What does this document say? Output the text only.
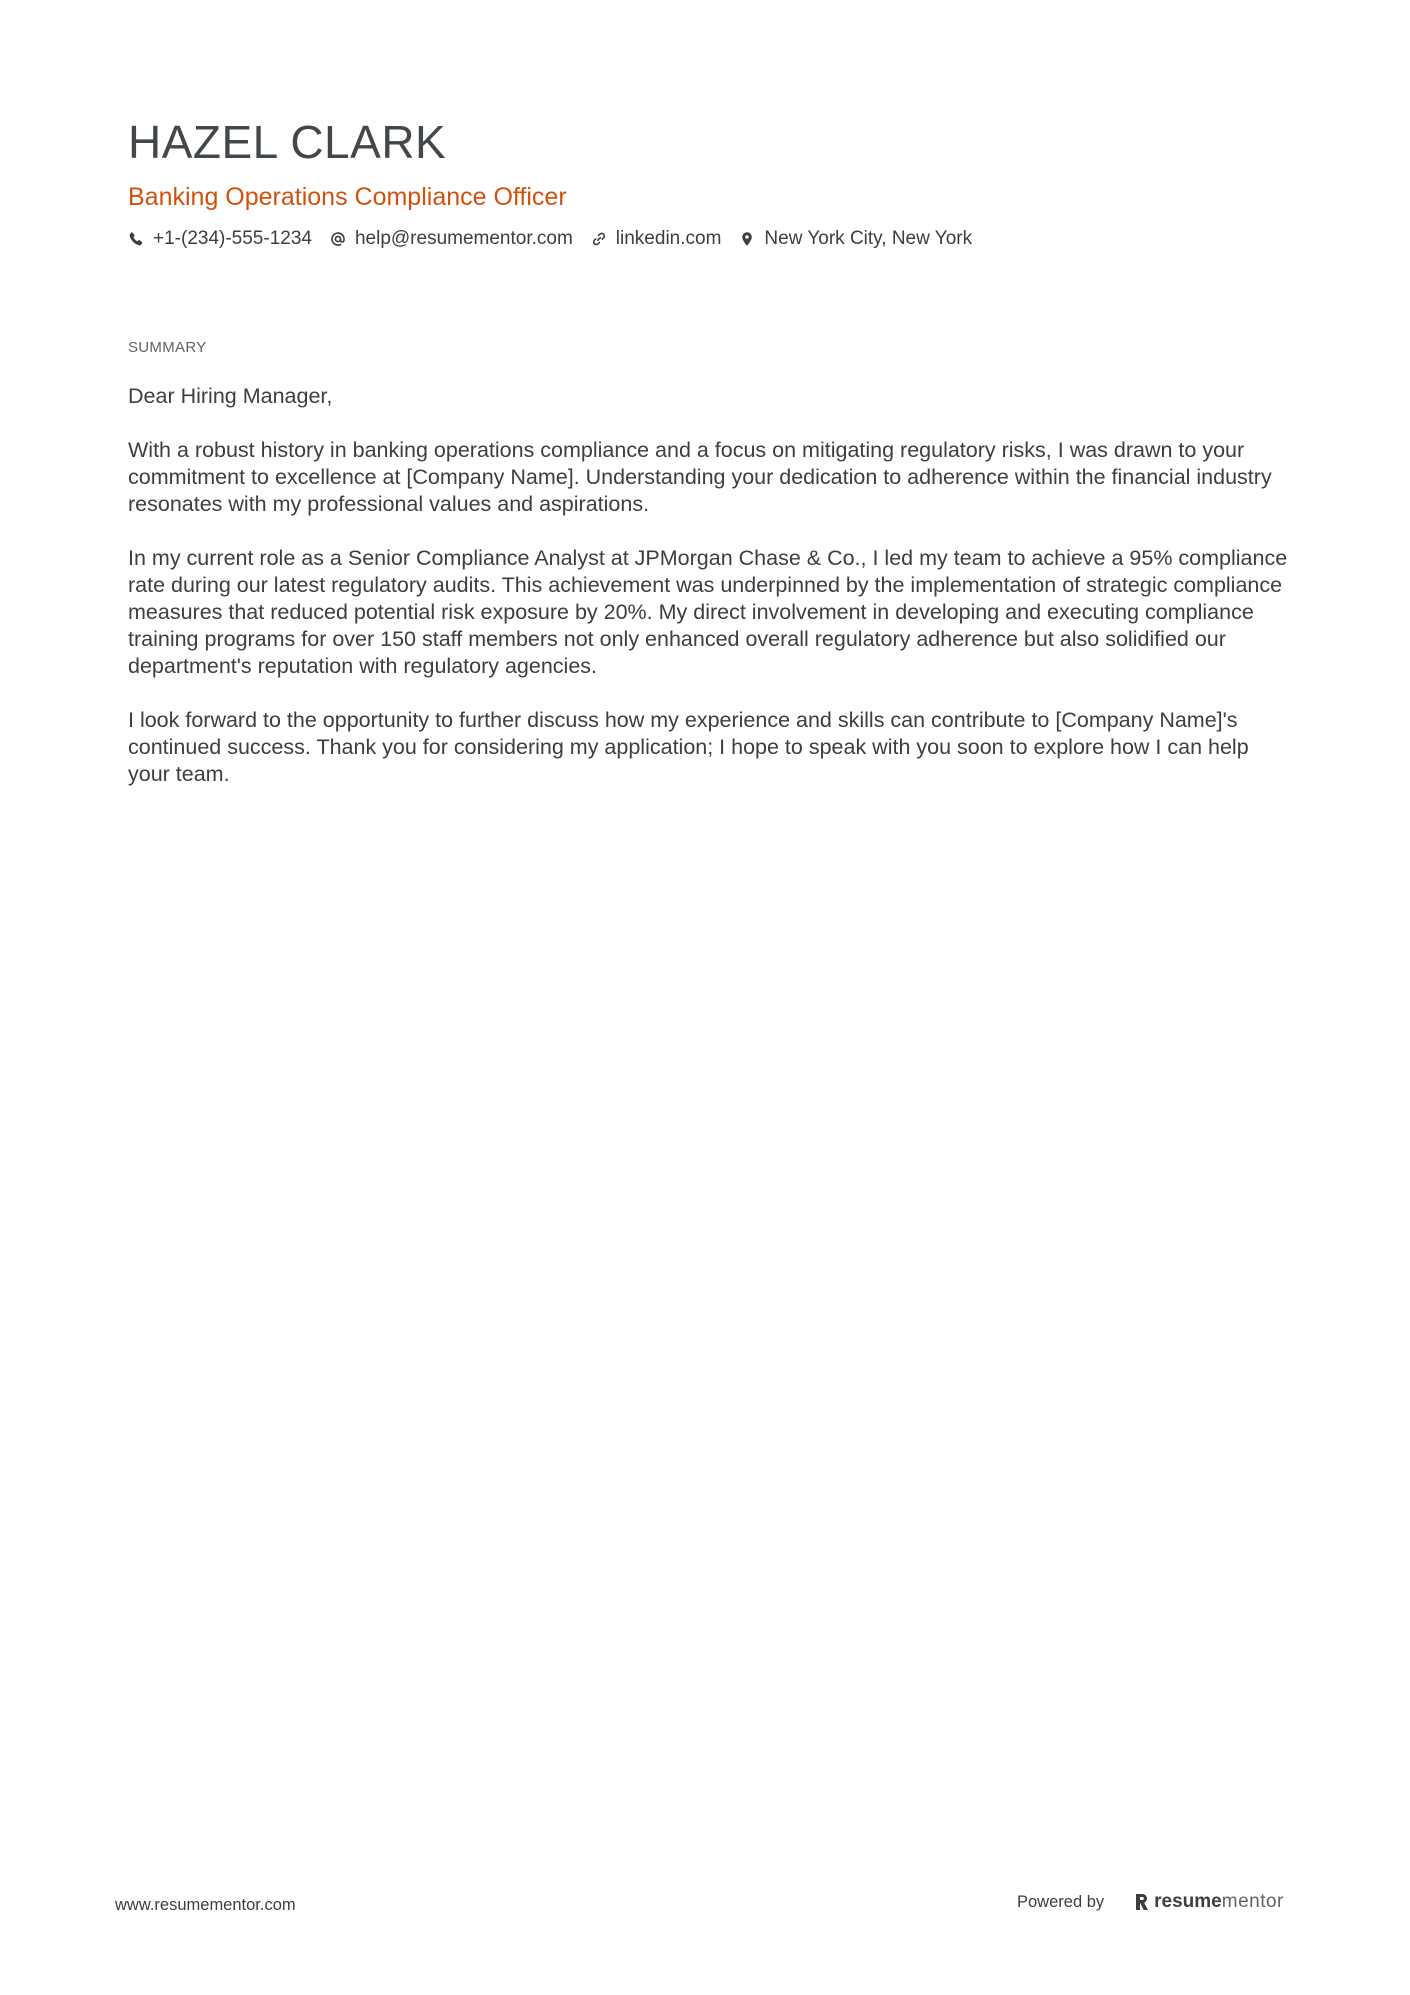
HAZEL CLARK
Banking Operations Compliance Officer
+1-(234)-555-1234 help@resumementor.com linkedin.com New York City, New York
SUMMARY

Dear Hiring Manager,

With a robust history in banking operations compliance and a focus on mitigating regulatory risks, I was drawn to your commitment to excellence at [Company Name]. Understanding your dedication to adherence within the financial industry resonates with my professional values and aspirations.

In my current role as a Senior Compliance Analyst at JPMorgan Chase & Co., I led my team to achieve a 95% compliance rate during our latest regulatory audits. This achievement was underpinned by the implementation of strategic compliance measures that reduced potential risk exposure by 20%. My direct involvement in developing and executing compliance training programs for over 150 staff members not only enhanced overall regulatory adherence but also solidified our department's reputation with regulatory agencies.

I look forward to the opportunity to further discuss how my experience and skills can contribute to [Company Name]'s continued success. Thank you for considering my application; I hope to speak with you soon to explore how I can help your team.

www.resumementor.com	Powered by	resumementor
